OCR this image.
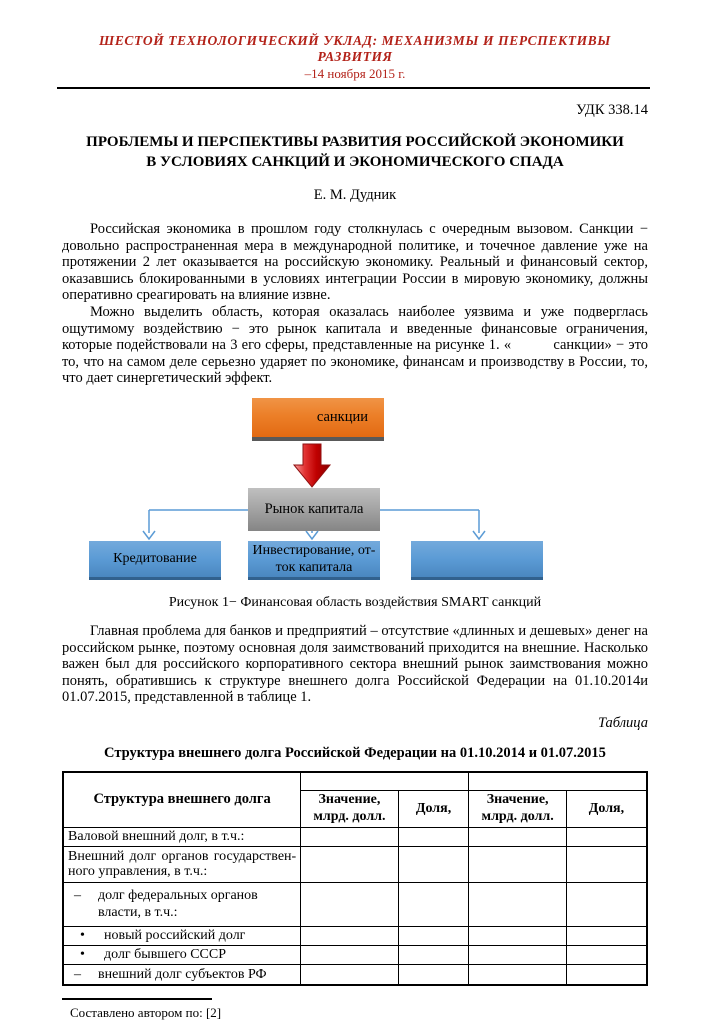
ШЕСТОЙ ТЕХНОЛОГИЧЕСКИЙ УКЛАД: МЕХАНИЗМЫ И ПЕРСПЕКТИВЫ РАЗВИТИЯ
–14 ноября 2015 г.
УДК 338.14
ПРОБЛЕМЫ И ПЕРСПЕКТИВЫ РАЗВИТИЯ РОССИЙСКОЙ ЭКОНОМИКИ
В УСЛОВИЯХ САНКЦИЙ И ЭКОНОМИЧЕСКОГО СПАДА
Е. М. Дудник

Российская экономика в прошлом году столкнулась с очередным вызовом. Санкции − довольно распространенная мера в международной политике, и точечное давление уже на протяжении 2 лет оказывается на российскую экономику. Реальный и финансовый сектор, оказавшись блокированными в условиях интеграции России в мировую экономику, должны оперативно среагировать на влияние извне.

Можно выделить область, которая оказалась наиболее уязвима и уже подверглась ощутимому воздействию − это рынок капитала и введенные финансовые ограничения, которые подействовали на 3 его сферы, представленные на рисунке 1. «          санкции» − это то, что на самом деле серьезно ударяет по экономике, финансам и производству в России, то, что дает синергетический эффект.

санкции
Рынок капитала
Кредитование
Инвестирование, от-ток капитала
Рисунок 1− Финансовая область воздействия SMART санкций

Главная проблема для банков и предприятий – отсутствие «длинных и дешевых» денег на российском рынке, поэтому основная доля заимствований приходится на внешние. Насколько важен был для российского корпоративного сектора внешний рынок заимствования можно понять, обратившись к структуре внешнего долга Российской Федерации на 01.10.2014и 01.07.2015, представленной в таблице 1.

Таблица
Структура внешнего долга Российской Федерации на 01.10.2014 и 01.07.2015
Структура внешнего долга				
	Значение, млрд. долл.	Доля,	Значение, млрд. долл.	Доля,
Валовой внешний долг, в т.ч.:				
Внешний долг органов государствен-ного управления, в т.ч.:				
– долг федеральных органов власти, в т.ч.:				
• новый российский долг				
• долг бывшего СССР				
– внешний долг субъектов РФ				
Составлено автором по: [2]
